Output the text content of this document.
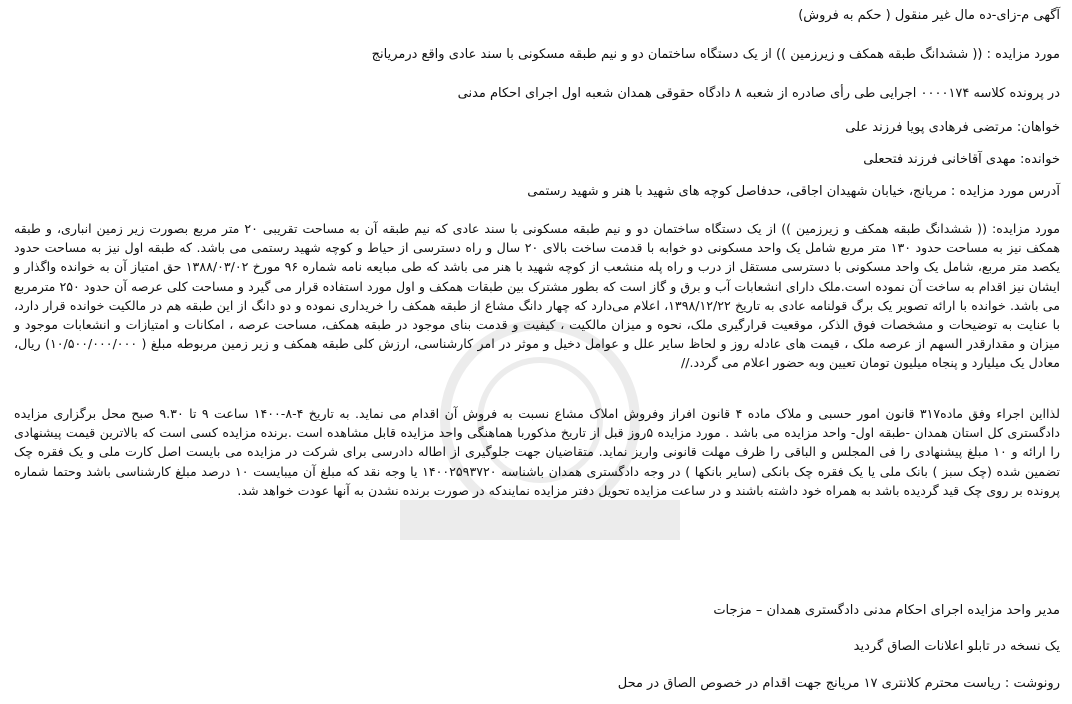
آگهی م-زای-ده مال غیر منقول ( حکم به فروش)

مورد مزایده : (( ششدانگ طبقه همکف و زیرزمین )) از یک دستگاه ساختمان دو و نیم طبقه مسکونی با سند عادی واقع درمریانج

در پرونده کلاسه ۰۰۰۰۱۷۴ اجرایی طی رأی صادره از شعبه ۸ دادگاه حقوقی همدان شعبه اول اجرای احکام مدنی

خواهان: مرتضی فرهادی پویا فرزند علی

خوانده: مهدی آقاخانی فرزند فتحعلی

آدرس مورد مزایده : مریانج، خیابان شهیدان اجاقی، حدفاصل کوچه های شهید با هنر و شهید رستمی

مورد مزایده: (( ششدانگ طبقه همکف و زیرزمین )) از یک دستگاه ساختمان دو و نیم طبقه مسکونی با سند عادی که نیم طبقه آن به مساحت تقریبی ۲۰ متر مربع بصورت زیر زمین انباری، و طبقه همکف نیز به مساحت حدود ۱۳۰ متر مربع شامل یک واحد مسکونی دو خوابه با قدمت ساخت بالای ۲۰ سال و راه دسترسی از حیاط و کوچه شهید رستمی می باشد. که طبقه اول نیز به مساحت حدود یکصد متر مربع، شامل یک واحد مسکونی با دسترسی مستقل از درب و راه پله منشعب از کوچه شهید با هنر می باشد که طی مبایعه نامه شماره ۹۶ مورخ ۱۳۸۸/۰۳/۰۲ حق امتیاز آن به خوانده واگذار و ایشان نیز اقدام به ساخت آن نموده است.ملک دارای انشعابات آب و برق و گاز است که بطور مشترک بین طبقات همکف و اول مورد استفاده قرار می گیرد و مساحت کلی عرصه آن حدود ۲۵۰ مترمربع می باشد. خوانده با ارائه تصویر یک برگ قولنامه عادی به تاریخ ۱۳۹۸/۱۲/۲۲، اعلام می‌دارد که چهار دانگ مشاع از طبقه همکف را خریداری نموده و دو دانگ از این طبقه هم در مالکیت خوانده قرار دارد، با عنایت به توضیحات و مشخصات فوق الذکر، موقعیت قرارگیری ملک، نحوه و میزان مالکیت ، کیفیت و قدمت بنای موجود در طبقه همکف، مساحت عرصه ، امکانات و امتیازات و انشعابات موجود و میزان و مقدارقدر السهم از عرصه ملک ، قیمت های عادله روز و لحاظ سایر علل و عوامل دخیل و موثر در امر کارشناسی، ارزش کلی طبقه همکف و زیر زمین مربوطه مبلغ ( ۱۰/۵۰۰/۰۰۰/۰۰۰) ریال، معادل یک میلیارد و پنجاه میلیون تومان تعیین وبه حضور اعلام می گردد.//

لذااین اجراء وفق ماده۳۱۷ قانون امور حسبی و ملاک ماده ۴ قانون افراز وفروش املاک مشاع نسبت به فروش آن اقدام می نماید. به تاریخ ۴-۸-۱۴۰۰ ساعت ۹ تا ۹.۳۰ صبح محل برگزاری مزایده دادگستری کل استان همدان -طبقه اول- واحد مزایده می باشد . مورد مزایده ۵روز قبل از تاریخ مذکوربا هماهنگی واحد مزایده قابل مشاهده است .برنده مزایده کسی است که بالاترین قیمت پیشنهادی را ارائه و ۱۰ مبلغ پیشنهادی را فی المجلس و الباقی را ظرف مهلت قانونی واریز نماید. متقاضیان جهت جلوگیری از اطاله دادرسی برای شرکت در مزایده می بایست اصل کارت ملی و یک فقره چک تضمین شده (چک سبز ) بانک ملی یا یک فقره چک بانکی (سایر بانکها ) در وجه دادگستری همدان باشناسه ۱۴۰۰۲۵۹۳۷۲۰ یا وجه نقد که مبلغ آن میبایست ۱۰ درصد مبلغ کارشناسی باشد وحتما شماره پرونده بر روی چک قید گردیده باشد به همراه خود داشته باشند و در ساعت مزایده تحویل دفتر مزایده نمایندکه در صورت برنده نشدن به آنها عودت خواهد شد.

مدیر واحد مزایده اجرای احکام مدنی دادگستری همدان – مزجات

یک نسخه در تابلو اعلانات الصاق گردید

رونوشت : ریاست محترم کلانتری ۱۷ مریانج جهت اقدام در خصوص الصاق در محل
